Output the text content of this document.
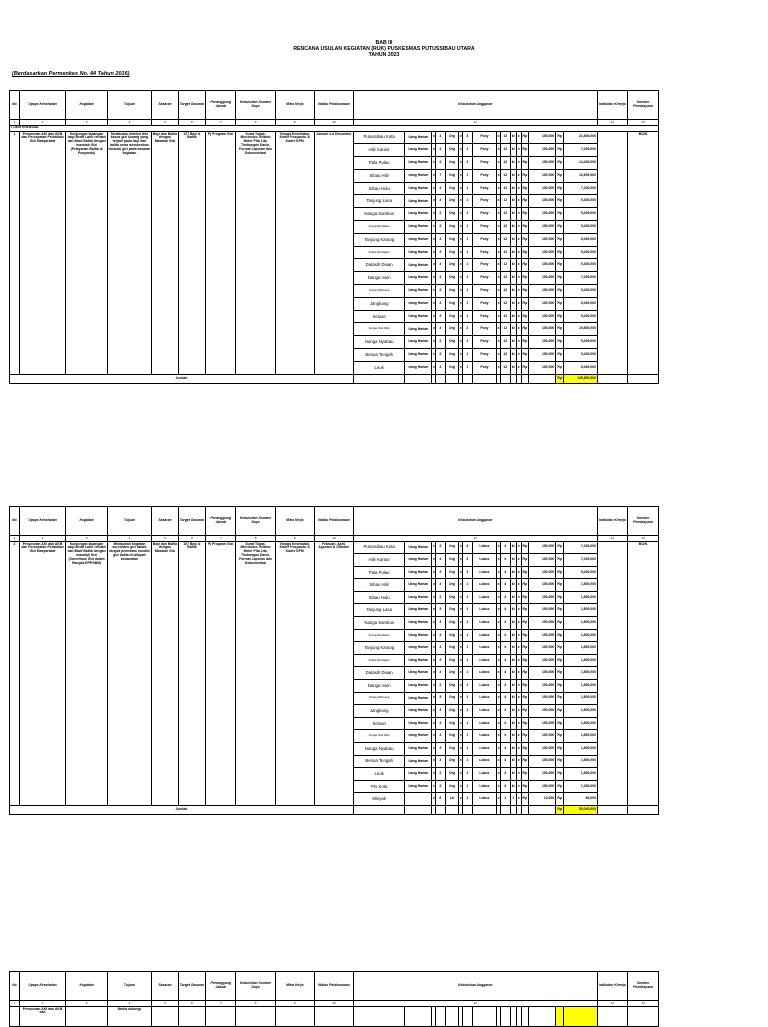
BAB III
RENCANA USULAN KEGIATAN (RUK) PUSKESMAS PUTUSSIBAU UTARA
TAHUN 2023
(Berdasarkan Permenkes No. 44 Tahun 2016)
No	Upaya Kesehatan	Kegiatan	Tujuan	Sasaran	Target Sasaran	Penanggung Jawab	Kebutuhan Sumber Daya	Mitra Kerja	Waktu Pelaksanaan	Kebutuhan Anggaran																Indikator Kinerja	Sumber Pembiayaan
1	2	3	4	5	6	7	8	9	10	11																12	13
I. UKM ESENSIAL																											
1	Penurunan AKI dan AKB dan Percepatan Perbaikan Gizi Masyarakat	Kunjungan lapangan bagi Berat Lahir rendah dan Bawi Balita dengan masalah Gizi (Pelayanan Balita di Posyandu)	Melakukan deteksi dini kasus gizi kurang yang terjadi pada bayi dan balita serta memberikan edukasi gizi pada sasaran kegiatan	Bayi dan Balita dengan Masalah Gizi	107 Bayi & Balita	Pj Program Gizi	Surat Tugas, Microtoice, Infanto Meter Pita Lila, Timbangan Dacin, Format Laporan dan Dokumentasi	Tenaga Kesehatan, Kader Posyandu & Kader KPM	Januari s.d Desember	Putussibau Kota	Uang Harian	x	4	Org	x	3	Posy	x	12	kl	x	Rp	150,000	Rp	21,600,000		BOK
										Hilir Kantor	Uang Harian	x	4	Org	x	1	Posy	x	12	kl	x	Rp	150,000	Rp	7,200,000		
										Pala Pulau	Uang Harian	x	4	Org	x	2	Posy	x	12	kl	x	Rp	150,000	Rp	14,400,000		
										Sibau Hilir	Uang Harian	x	7	Org	x	1	Posy	x	12	kl	x	Rp	150,000	Rp	12,600,000		
										Sibau Hulu	Uang Harian	x	4	Org	x	1	Posy	x	12	kl	x	Rp	150,000	Rp	7,200,000		
										Tanjung Lasa	Uang Harian	x	3	Org	x	1	Posy	x	12	kl	x	Rp	150,000	Rp	5,400,000		
										Nanga Sambus	Uang Harian	x	3	Org	x	1	Posy	x	12	kl	x	Rp	150,000	Rp	5,400,000		
										Ariung Mendalam	Uang Harian	x	3	Org	x	1	Posy	x	12	kl	x	Rp	150,000	Rp	5,400,000		
										Tanjung Karang	Uang Harian	x	3	Org	x	1	Posy	x	12	kl	x	Rp	150,000	Rp	5,400,000		
										Padua Mendalam	Uang Harian	x	3	Org	x	1	Posy	x	12	kl	x	Rp	150,000	Rp	5,400,000		
										Datasih Diaan	Uang Harian	x	3	Org	x	1	Posy	x	12	kl	x	Rp	150,000	Rp	5,400,000		
										Nanga Awin	Uang Harian	x	4	Org	x	1	Posy	x	12	kl	x	Rp	150,000	Rp	7,200,000		
										Tanjung Beruang	Uang Harian	x	3	Org	x	1	Posy	x	12	kl	x	Rp	150,000	Rp	5,400,000		
										Jangkang	Uang Harian	x	3	Org	x	1	Posy	x	12	kl	x	Rp	150,000	Rp	5,400,000		
										Seluan	Uang Harian	x	3	Org	x	1	Posy	x	12	kl	x	Rp	150,000	Rp	5,400,000		
										Sungai Uluk Palin	Uang Harian	x	3	Org	x	2	Posy	x	12	kl	x	Rp	150,000	Rp	10,800,000		
										Nanga Nyabau	Uang Harian	x	3	Org	x	1	Posy	x	12	kl	x	Rp	150,000	Rp	5,400,000		
										Benua Tengah	Uang Harian	x	3	Org	x	1	Posy	x	12	kl	x	Rp	150,000	Rp	5,400,000		
										Leuk	Uang Harian	x	3	Org	x	1	Posy	x	12	kl	x	Rp	150,000	Rp	5,400,000		
Jumlah																								Rp	145,800,000		
No	Upaya Kesehatan	Kegiatan	Tujuan	Sasaran	Target Sasaran	Penanggung Jawab	Kebutuhan Sumber Daya	Mitra Kerja	Waktu Pelaksanaan	Kebutuhan Anggaran																Indikator Kinerja	Sumber Pembiayaan
1	2	3	4	5	6	7	8	9	10	11																12	13
2	Penurunan AKI dan AKB dan Percepatan Perbaikan Gizi Masyarakat	Kunjungan lapangan bagi Berat Lahir rendah dan Bawi Balita dengan masalah Gizi (Surveilans Gizi dalam Rangka EPPGBM)	Melakukan kegiatan surveilans gizi dalam rangka pemetaan kondisi gizi balita di wilayah kecamatan	Bayi dan Balita dengan Masalah Gizi	107 Bayi & Balita	Pj Program Gizi	Surat Tugas, Microtoice, Infanto Meter Pita Lila, Timbangan Dacin, Format Laporan dan Dokumentasi	Tenaga Kesehatan, Kader Posyandu & Kader KPM	Februari, April, Agustus & Oktober	Putussibau Kota	Uang Harian	x	3	Org	x	4	Lokus	x	4	kl	x	Rp	150,000	Rp	7,200,000		BOK
										Hilir Kantor	Uang Harian	x	4	Org	x	3	Lokus	x	4	kl	x	Rp	150,000	Rp	7,200,000		
										Pala Pulau	Uang Harian	x	3	Org	x	3	Lokus	x	4	kl	x	Rp	150,000	Rp	5,400,000		
										Sibau Hilir	Uang Harian	x	3	Org	x	1	Lokus	x	4	kl	x	Rp	150,000	Rp	1,800,000		
										Sibau Hulu	Uang Harian	x	3	Org	x	1	Lokus	x	4	kl	x	Rp	150,000	Rp	1,800,000		
										Tanjung Lasa	Uang Harian	x	3	Org	x	1	Lokus	x	4	kl	x	Rp	150,000	Rp	1,800,000		
										Nanga Sambus	Uang Harian	x	3	Org	x	1	Lokus	x	4	kl	x	Rp	150,000	Rp	1,800,000		
										Ariung Mendalam	Uang Harian	x	3	Org	x	1	Lokus	x	4	kl	x	Rp	150,000	Rp	1,800,000		
										Tanjung Karang	Uang Harian	x	3	Org	x	1	Lokus	x	4	kl	x	Rp	150,000	Rp	1,800,000		
										Padua Mendalam	Uang Harian	x	3	Org	x	1	Lokus	x	4	kl	x	Rp	150,000	Rp	1,800,000		
										Datasih Diaan	Uang Harian	x	3	Org	x	1	Lokus	x	4	kl	x	Rp	150,000	Rp	1,800,000		
										Nanga Awin	Uang Harian	x	3	Org	x	1	Lokus	x	4	kl	x	Rp	150,000	Rp	1,800,000		
										Tanjung Beruang	Uang Harian	x	3	Org	x	1	Lokus	x	4	kl	x	Rp	150,000	Rp	1,800,000		
										Jangkang	Uang Harian	x	3	Org	x	1	Lokus	x	4	kl	x	Rp	150,000	Rp	1,800,000		
										Seluan	Uang Harian	x	3	Org	x	1	Lokus	x	4	kl	x	Rp	150,000	Rp	1,800,000		
										Sungai Uluk Palin	Uang Harian	x	3	Org	x	1	Lokus	x	4	kl	x	Rp	150,000	Rp	1,800,000		
										Nanga Nyabau	Uang Harian	x	3	Org	x	1	Lokus	x	4	kl	x	Rp	150,000	Rp	1,800,000		
										Benua Tengah	Uang Harian	x	3	Org	x	1	Lokus	x	4	kl	x	Rp	150,000	Rp	1,800,000		
										Leuk	Uang Harian	x	3	Org	x	1	Lokus	x	4	kl	x	Rp	150,000	Rp	1,800,000		
										Pts Kota	Uang Harian	x	3	Org	x	1	Lokus	x	3	kl	x	Rp	150,000	Rp	1,350,000		
										Minyak		x	6	Ltr	x	1	Lokus	x	1	1	x	Rp	10,000	Rp	60,000		
Jumlah																								Rp	50,040,000		
No	Upaya Kesehatan	Kegiatan	Tujuan	Sasaran	Target Sasaran	Penanggung Jawab	Kebutuhan Sumber Daya	Mitra Kerja	Waktu Pelaksanaan	Kebutuhan Anggaran																Indikator Kinerja	Sumber Pembiayaan
1	2	3	4	5	6	7	8	9	10	11																12	13
	Penurunan AKI dan AKB dan		Media dukungi																								
